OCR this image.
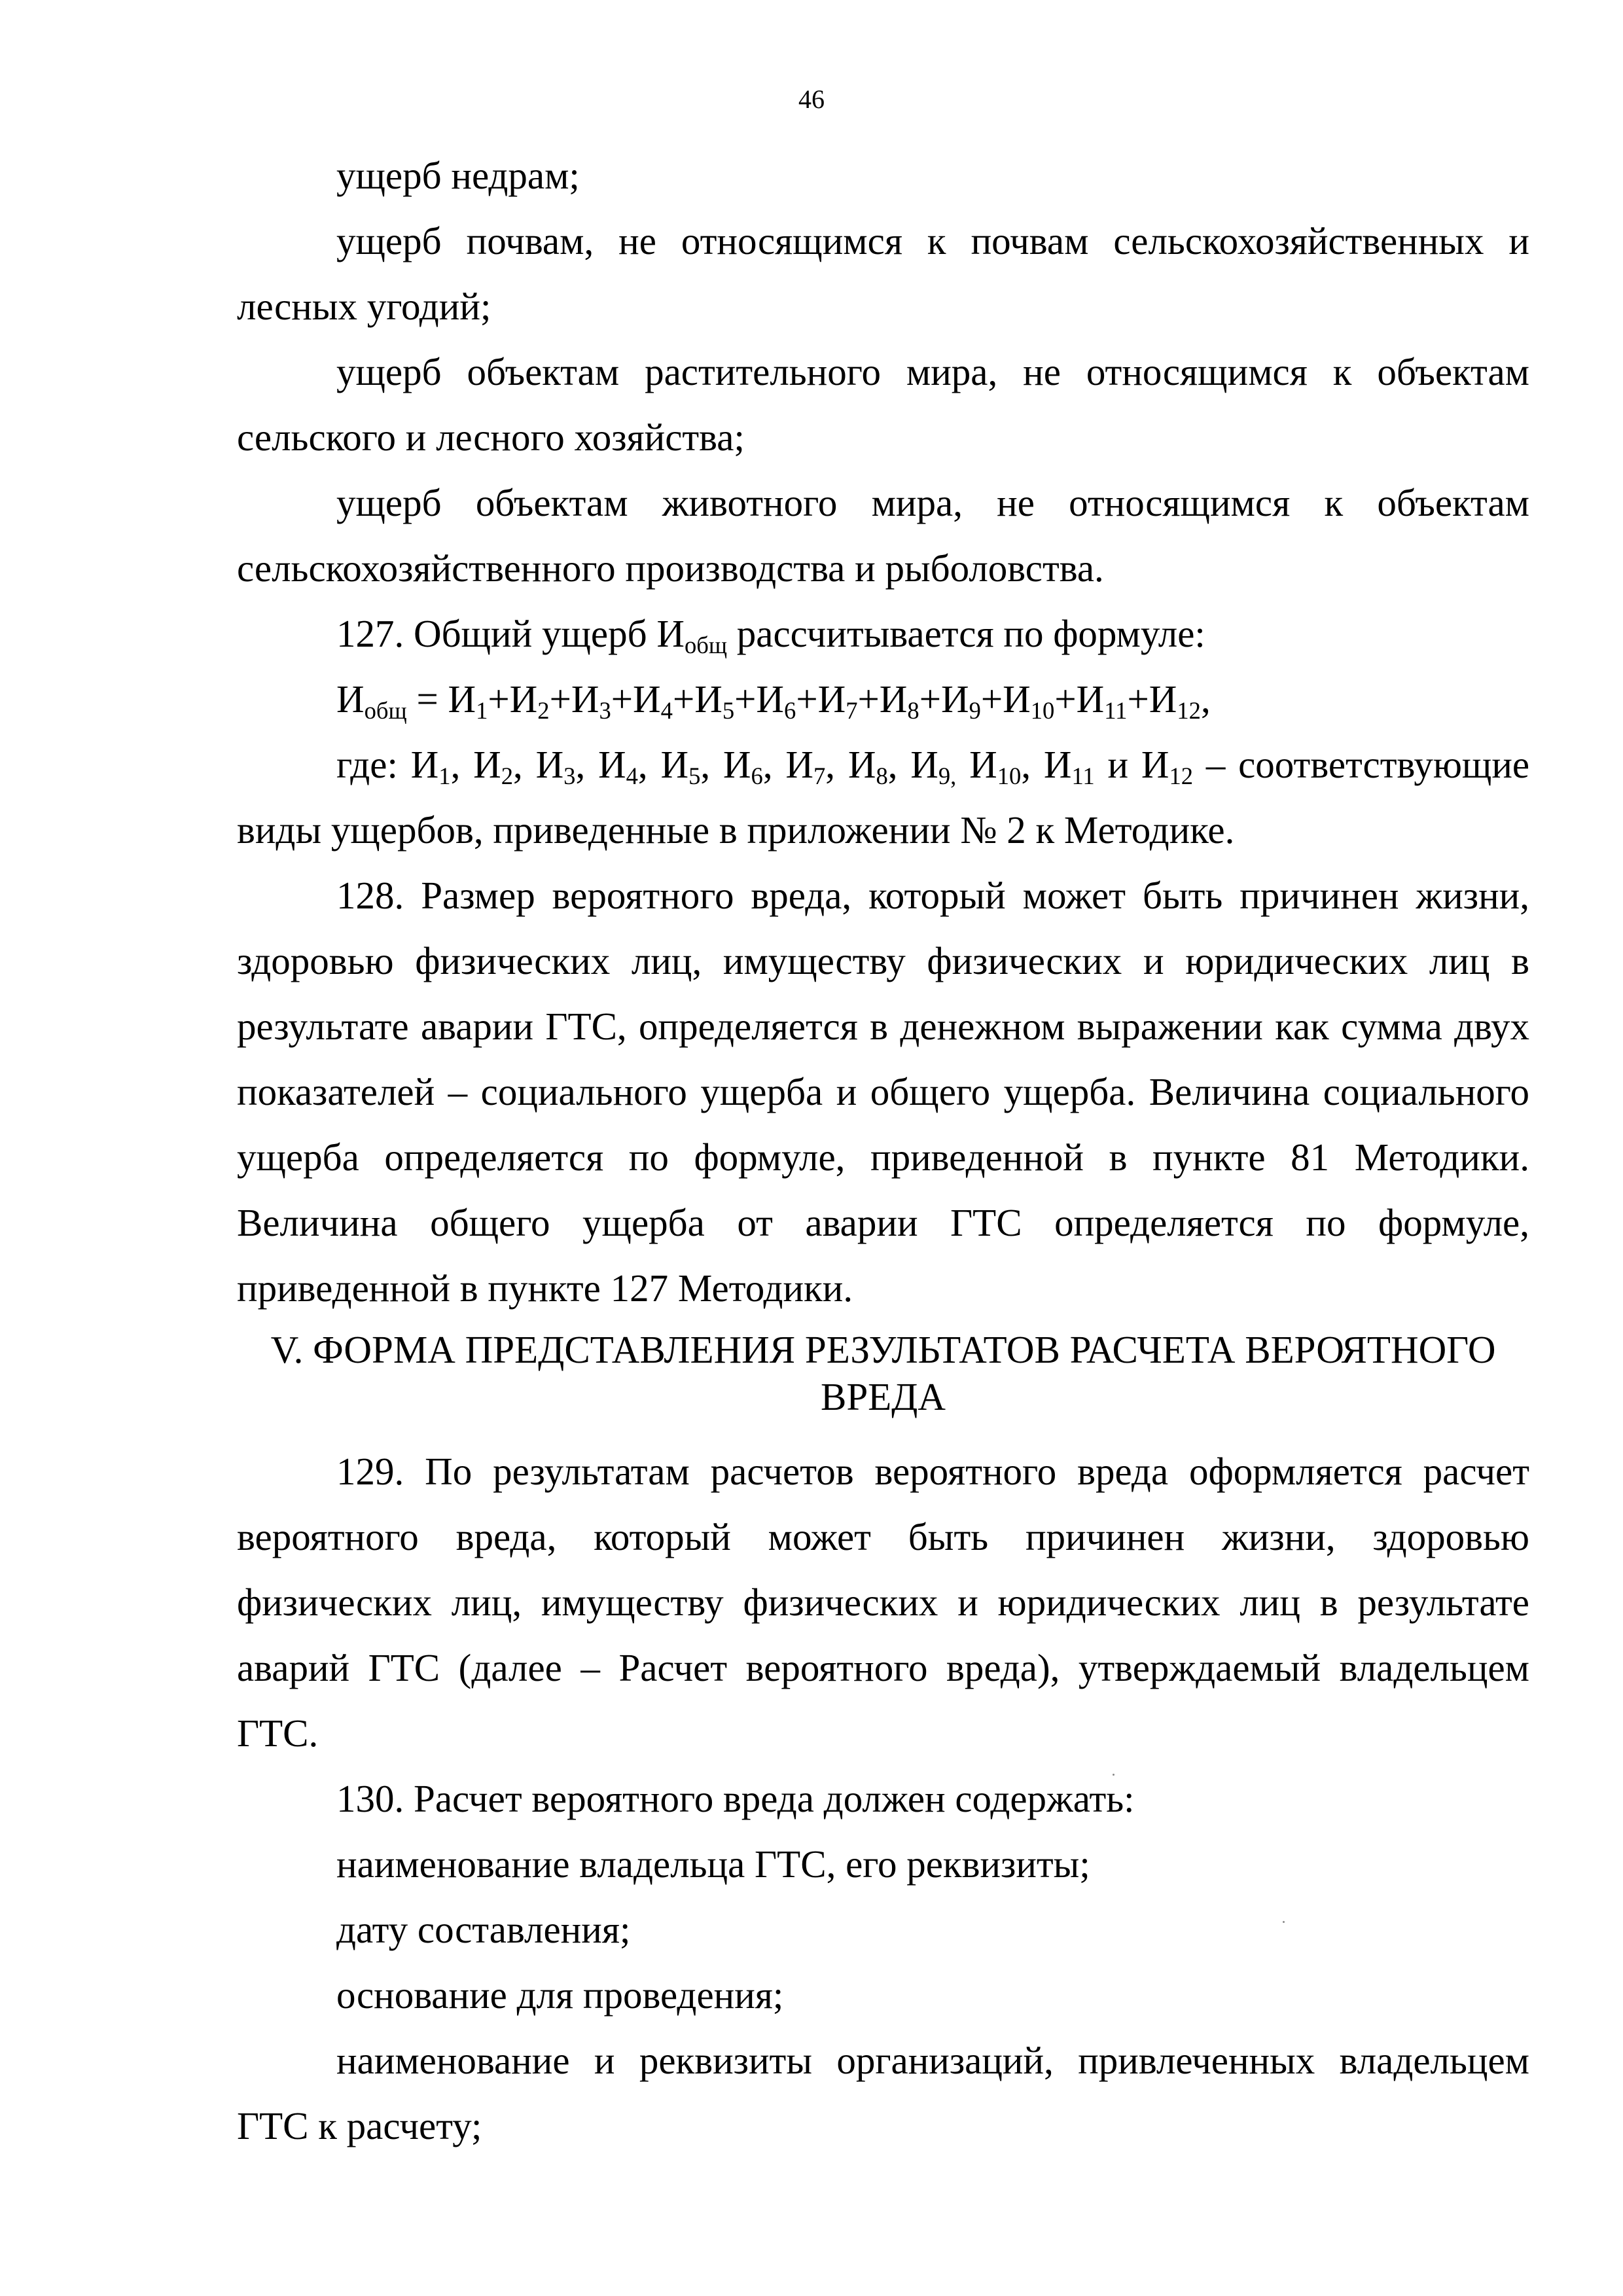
46

ущерб недрам;

ущерб почвам, не относящимся к почвам сельскохозяйственных и лесных угодий;

ущерб объектам растительного мира, не относящимся к объектам сельского и лесного хозяйства;

ущерб объектам животного мира, не относящимся к объектам сельскохозяйственного производства и рыболовства.

127. Общий ущерб $И_{общ}$ рассчитывается по формуле:

$И_{общ} = И_1+И_2+И_3+И_4+И_5+И_6+И_7+И_8+И_9+И_{10}+И_{11}+И_{12}$,

где: $И_1$, $И_2$, $И_3$, $И_4$, $И_5$, $И_6$, $И_7$, $И_8$, $И_{9,}$ $И_{10}$, $И_{11}$ и $И_{12}$ – соответствующие виды ущербов, приведенные в приложении № 2 к Методике.

128. Размер вероятного вреда, который может быть причинен жизни, здоровью физических лиц, имуществу физических и юридических лиц в результате аварии ГТС, определяется в денежном выражении как сумма двух показателей – социального ущерба и общего ущерба. Величина социального ущерба определяется по формуле, приведенной в пункте 81 Методики. Величина общего ущерба от аварии ГТС определяется по формуле, приведенной в пункте 127 Методики.

V. ФОРМА ПРЕДСТАВЛЕНИЯ РЕЗУЛЬТАТОВ РАСЧЕТА ВЕРОЯТНОГО
ВРЕДА

129. По результатам расчетов вероятного вреда оформляется расчет вероятного вреда, который может быть причинен жизни, здоровью физических лиц, имуществу физических и юридических лиц в результате аварий ГТС (далее – Расчет вероятного вреда), утверждаемый владельцем ГТС.

130. Расчет вероятного вреда должен содержать:

наименование владельца ГТС, его реквизиты;

дату составления;

основание для проведения;

наименование и реквизиты организаций, привлеченных владельцем ГТС к расчету;
